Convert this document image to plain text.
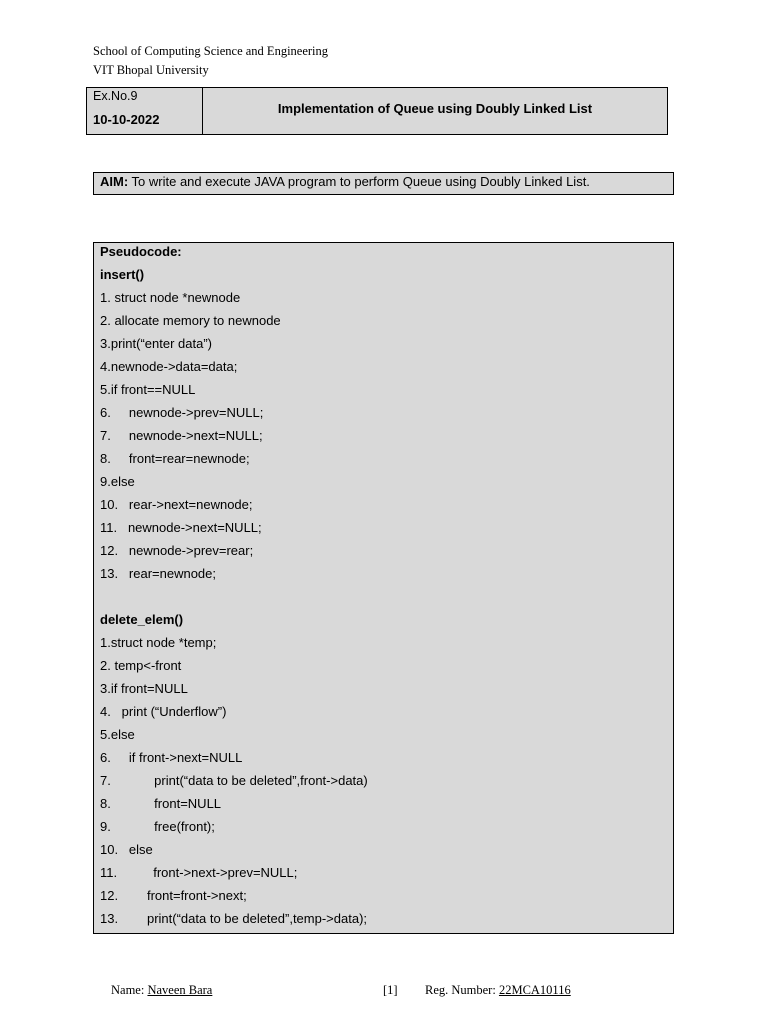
School of Computing Science and Engineering
VIT Bhopal University
Ex.No.9
10-10-2022
Implementation of Queue using Doubly Linked List
AIM: To write and execute JAVA program to perform Queue using Doubly Linked List.
Pseudocode:
insert()
1. struct node *newnode
2. allocate memory to newnode
3.print(“enter data”)
4.newnode->data=data;
5.if front==NULL
6.     newnode->prev=NULL;
7.     newnode->next=NULL;
8.     front=rear=newnode;
9.else
10.   rear->next=newnode;
11.   newnode->next=NULL;
12.   newnode->prev=rear;
13.   rear=newnode;
delete_elem()
1.struct node *temp;
2. temp<-front
3.if front=NULL
4.   print (“Underflow”)
5.else
6.     if front->next=NULL
7.            print(“data to be deleted”,front->data)
8.            front=NULL
9.            free(front);
10.   else
11.          front->next->prev=NULL;
12.        front=front->next;
13.        print(“data to be deleted”,temp->data);
Name: Naveen Bara	[1] Reg. Number: 22MCA10116
